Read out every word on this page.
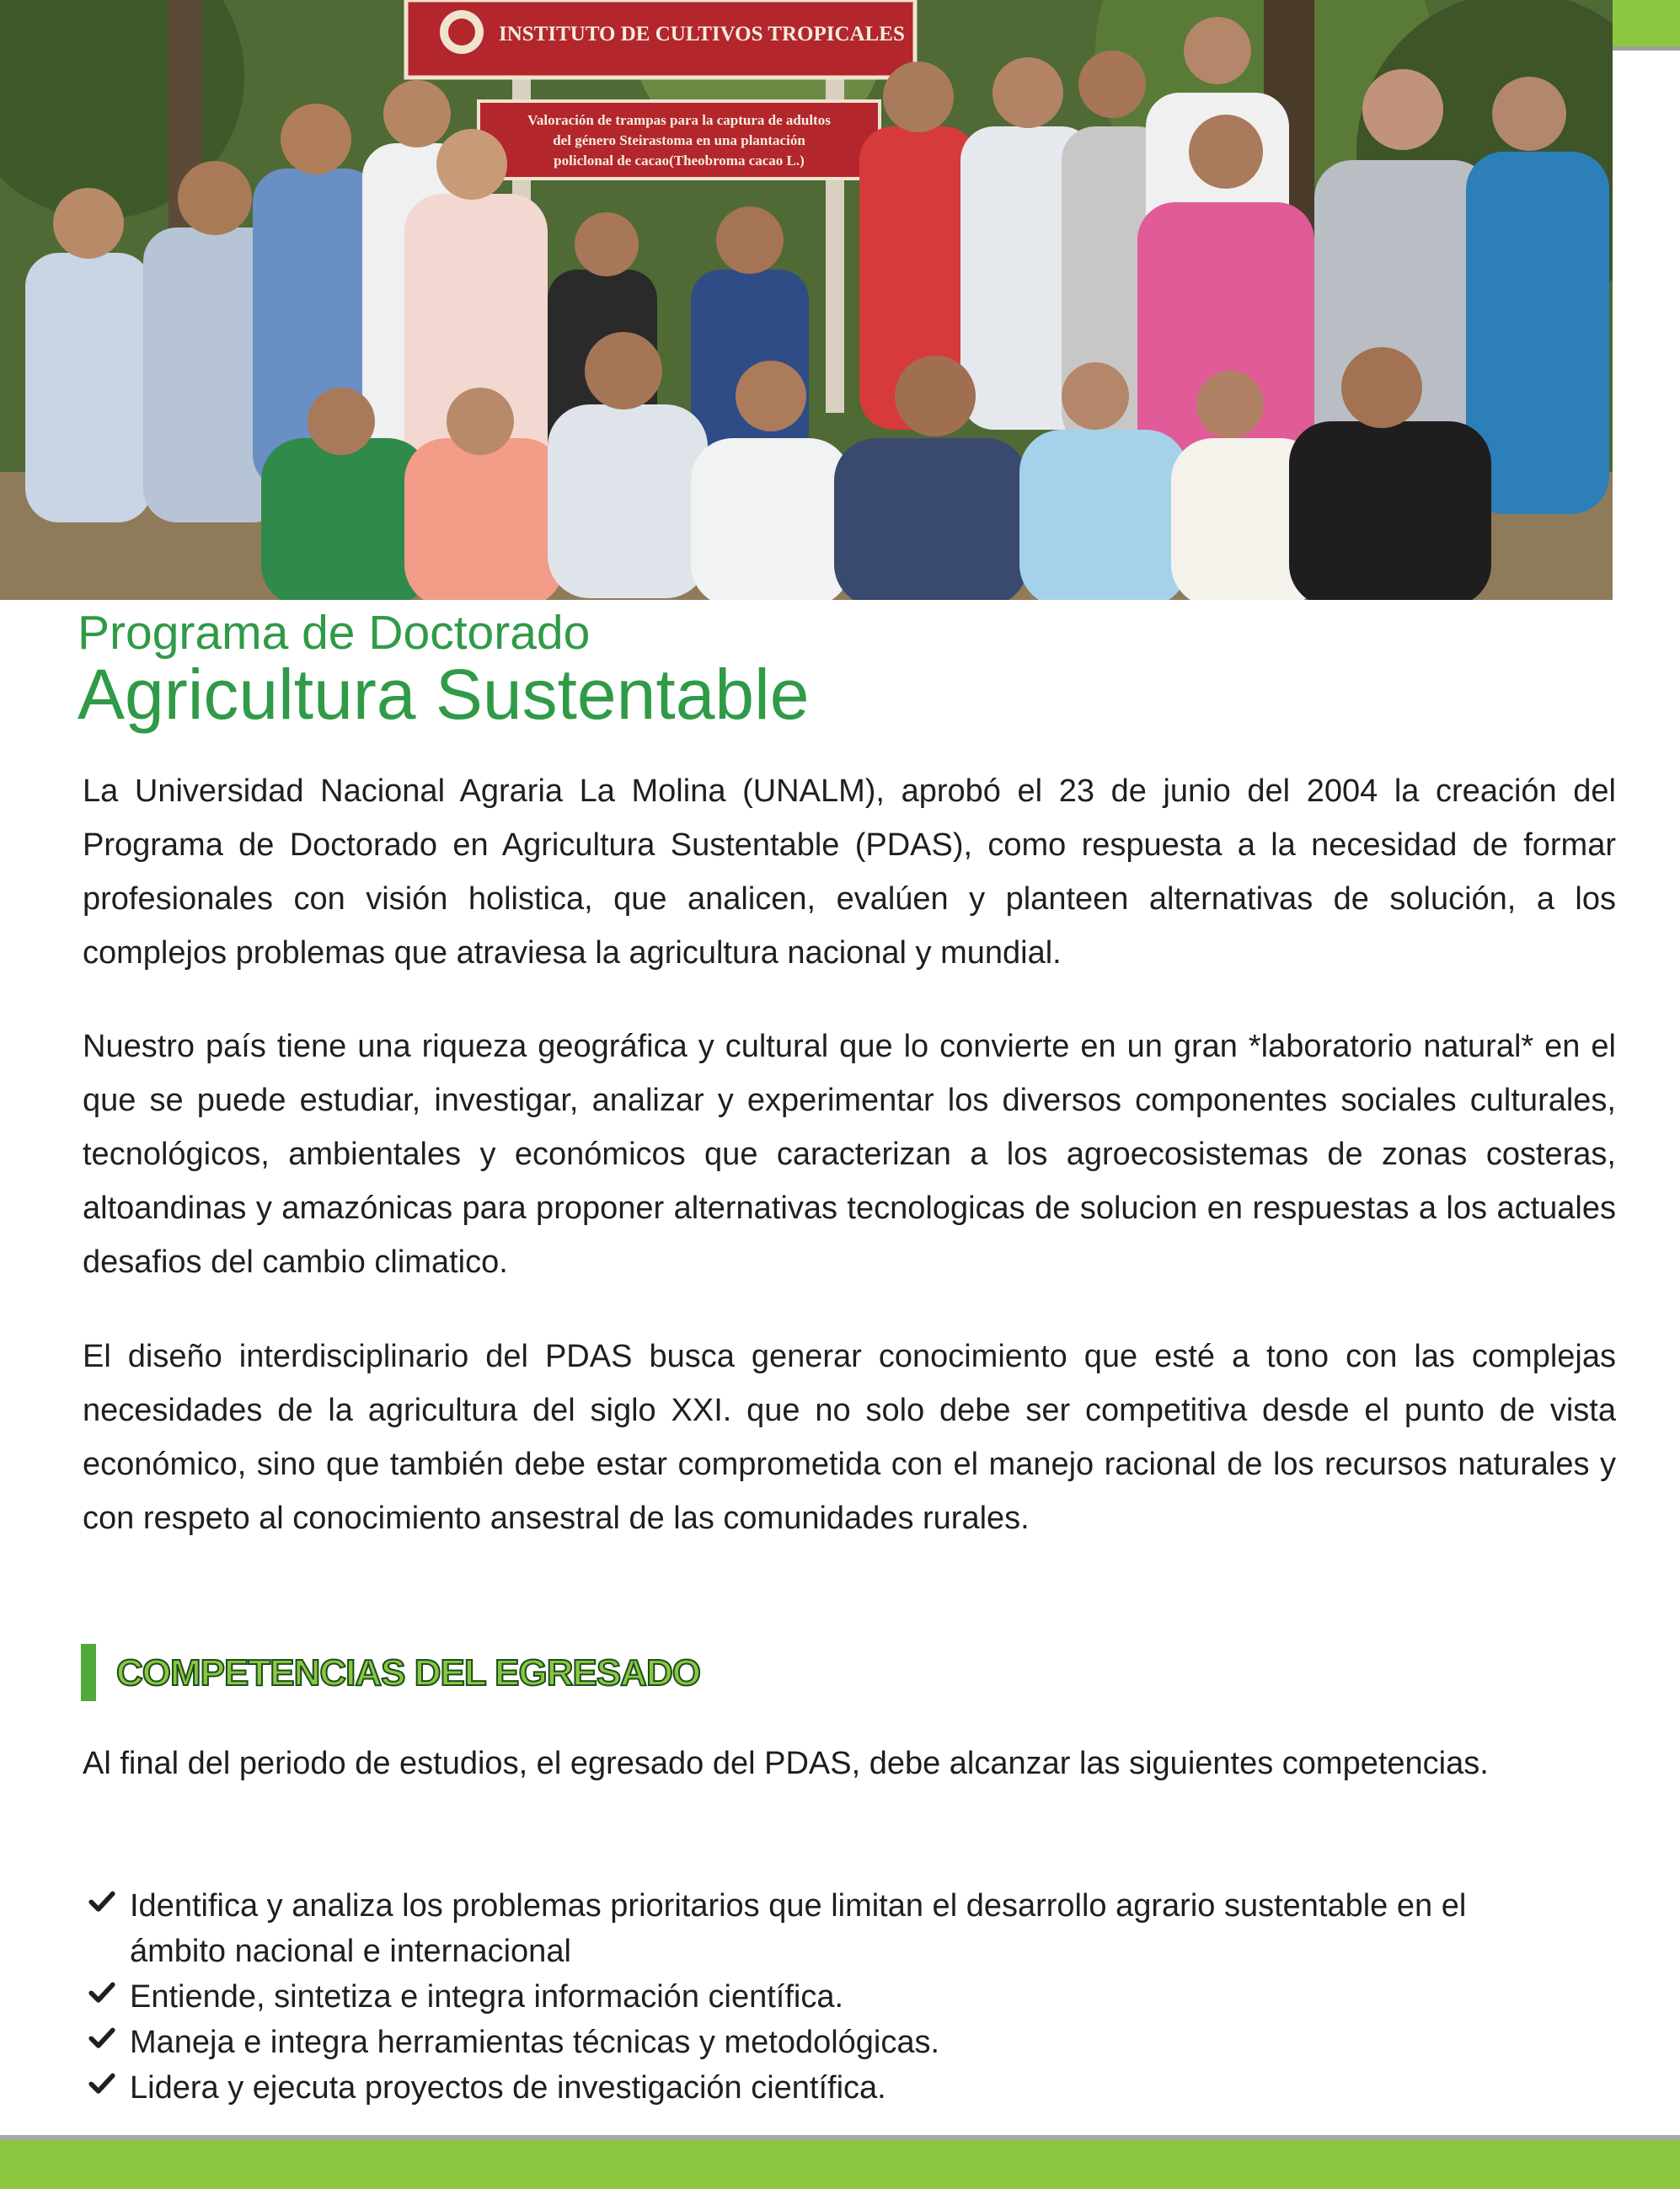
INSTITUTO DE CULTIVOS TROPICALES
Valoración de trampas para la captura de adultos
del género Steirastoma en una plantación
policlonal de cacao(Theobroma cacao L.)
Programa de Doctorado
Agricultura Sustentable

La Universidad Nacional Agraria La Molina (UNALM), aprobó el 23 de junio del 2004 la creación del Programa de Doctorado en Agricultura Sustentable (PDAS), como respuesta a la necesidad de formar profesionales con visión holistica, que analicen, evalúen y planteen alternativas de solución, a los complejos problemas que atraviesa la agricultura nacional y mundial.

Nuestro país tiene una riqueza geográfica y cultural que lo convierte en un gran *laboratorio natural* en el que se puede estudiar, investigar, analizar y experimentar los diversos componentes sociales culturales, tecnológicos, ambientales y económicos que caracterizan a los agroecosistemas de zonas costeras, altoandinas y amazónicas para proponer alternativas tecnologicas de solucion en respuestas a los actuales desafios del cambio climatico.

El diseño interdisciplinario del PDAS busca generar conocimiento que esté a tono con las complejas necesidades de la agricultura del siglo XXI. que no solo debe ser competitiva desde el punto de vista económico, sino que también debe estar comprometida con el manejo racional de los recursos naturales y con respeto al conocimiento ansestral de las comunidades rurales.

COMPETENCIAS DEL EGRESADO

Al final del periodo de estudios, el egresado del PDAS, debe alcanzar las siguientes competencias.

Identifica y analiza los problemas prioritarios que limitan el desarrollo agrario sustentable en el ámbito nacional e internacional
Entiende, sintetiza e integra información científica.
Maneja e integra herramientas técnicas y metodológicas.
Lidera y ejecuta proyectos de investigación científica.
